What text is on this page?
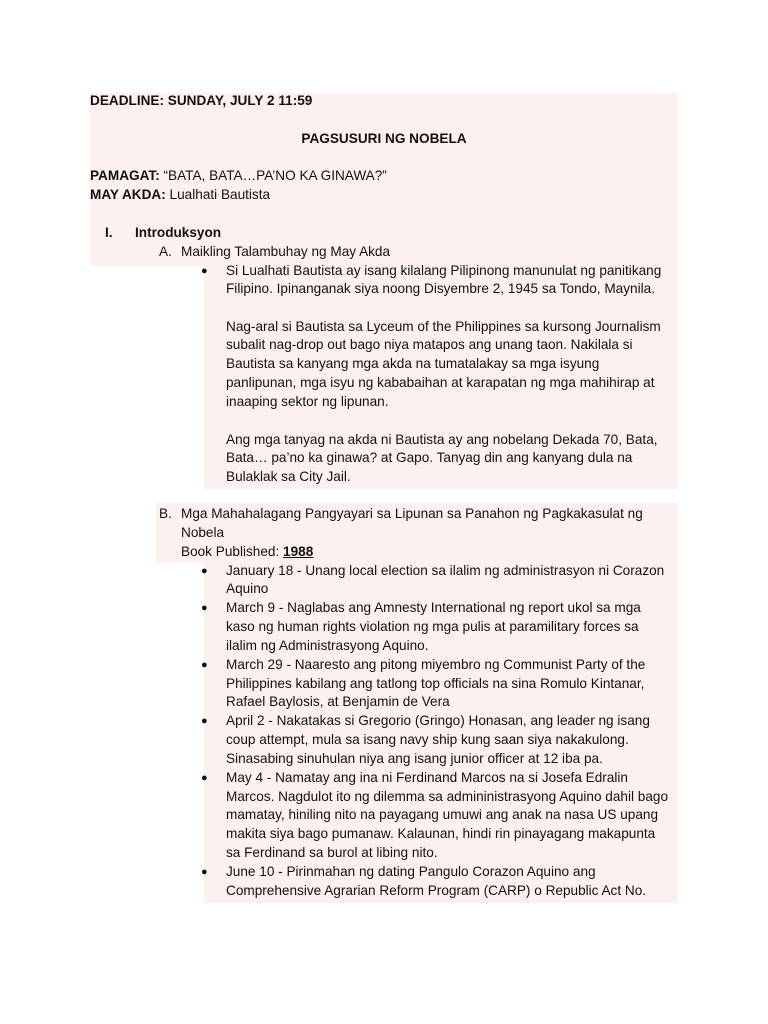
DEADLINE: SUNDAY, JULY 2 11:59
PAGSUSURI NG NOBELA
PAMAGAT: “BATA, BATA…PA’NO KA GINAWA?”
MAY AKDA: Lualhati Bautista
I. Introduksyon
A. Maikling Talambuhay ng May Akda
● Si Lualhati Bautista ay isang kilalang Pilipinong manunulat ng panitikang
Filipino. Ipinanganak siya noong Disyembre 2, 1945 sa Tondo, Maynila.
Nag-aral si Bautista sa Lyceum of the Philippines sa kursong Journalism
subalit nag-drop out bago niya matapos ang unang taon. Nakilala si
Bautista sa kanyang mga akda na tumatalakay sa mga isyung
panlipunan, mga isyu ng kababaihan at karapatan ng mga mahihirap at
inaaping sektor ng lipunan.
Ang mga tanyag na akda ni Bautista ay ang nobelang Dekada 70, Bata,
Bata… pa’no ka ginawa? at Gapo. Tanyag din ang kanyang dula na
Bulaklak sa City Jail.
B. Mga Mahahalagang Pangyayari sa Lipunan sa Panahon ng Pagkakasulat ng
Nobela
Book Published: 1988
● January 18 - Unang local election sa ilalim ng administrasyon ni Corazon
Aquino
● March 9 - Naglabas ang Amnesty International ng report ukol sa mga
kaso ng human rights violation ng mga pulis at paramilitary forces sa
ilalim ng Administrasyong Aquino.
● March 29 - Naaresto ang pitong miyembro ng Communist Party of the
Philippines kabilang ang tatlong top officials na sina Romulo Kintanar,
Rafael Baylosis, at Benjamin de Vera
● April 2 - Nakatakas si Gregorio (Gringo) Honasan, ang leader ng isang
coup attempt, mula sa isang navy ship kung saan siya nakakulong.
Sinasabing sinuhulan niya ang isang junior officer at 12 iba pa.
● May 4 - Namatay ang ina ni Ferdinand Marcos na si Josefa Edralin
Marcos. Nagdulot ito ng dilemma sa admininistrasyong Aquino dahil bago
mamatay, hiniling nito na payagang umuwi ang anak na nasa US upang
makita siya bago pumanaw. Kalaunan, hindi rin pinayagang makapunta
sa Ferdinand sa burol at libing nito.
● June 10 - Pirinmahan ng dating Pangulo Corazon Aquino ang
Comprehensive Agrarian Reform Program (CARP) o Republic Act No.
